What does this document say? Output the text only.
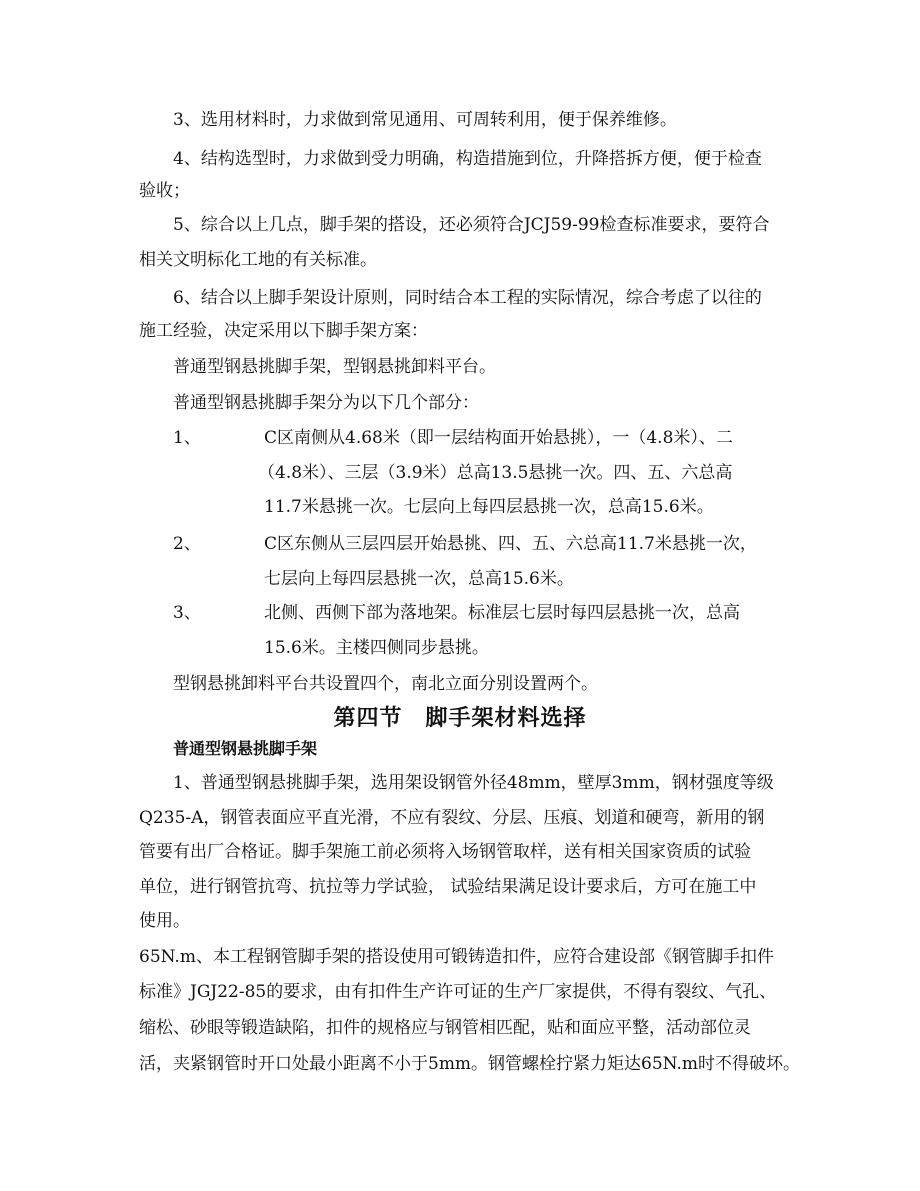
3、选用材料时，力求做到常见通用、可周转利用，便于保养维修。

4、结构选型时，力求做到受力明确，构造措施到位，升降搭拆方便，便于检查

验收；

5、综合以上几点，脚手架的搭设，还必须符合JCJ59-99检查标准要求，要符合

相关文明标化工地的有关标准。

6、结合以上脚手架设计原则，同时结合本工程的实际情况，综合考虑了以往的

施工经验，决定采用以下脚手架方案：

普通型钢悬挑脚手架，型钢悬挑卸料平台。

普通型钢悬挑脚手架分为以下几个部分：

1、	C区南侧从4.68米（即一层结构面开始悬挑），一（4.8米）、二
（4.8米）、三层（3.9米）总高13.5悬挑一次。四、五、六总高
11.7米悬挑一次。七层向上每四层悬挑一次，总高15.6米。
2、	C区东侧从三层四层开始悬挑、四、五、六总高11.7米悬挑一次，
七层向上每四层悬挑一次，总高15.6米。
3、	北侧、西侧下部为落地架。标准层七层时每四层悬挑一次，总高
15.6米。主楼四侧同步悬挑。

型钢悬挑卸料平台共设置四个，南北立面分别设置两个。

第四节　脚手架材料选择
普通型钢悬挑脚手架

1、普通型钢悬挑脚手架，选用架设钢管外径48mm，壁厚3mm，钢材强度等级

Q235-A，钢管表面应平直光滑，不应有裂纹、分层、压痕、划道和硬弯，新用的钢

管要有出厂合格证。脚手架施工前必须将入场钢管取样，送有相关国家资质的试验

单位，进行钢管抗弯、抗拉等力学试验， 试验结果满足设计要求后，方可在施工中

使用。

65N.m、本工程钢管脚手架的搭设使用可锻铸造扣件，应符合建设部《钢管脚手扣件

标准》JGJ22-85的要求，由有扣件生产许可证的生产厂家提供，不得有裂纹、气孔、

缩松、砂眼等锻造缺陷，扣件的规格应与钢管相匹配，贴和面应平整，活动部位灵

活，夹紧钢管时开口处最小距离不小于5mm。钢管螺栓拧紧力矩达65N.m时不得破坏。
